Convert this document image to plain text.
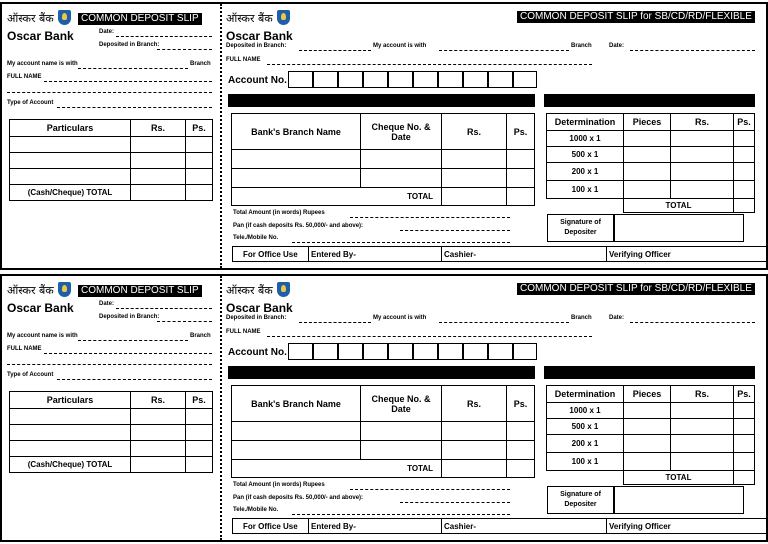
ऑस्कर बैंक
Oscar Bank
COMMON DEPOSIT SLIP
Date:
Deposited in Branch:
My account name is with	Branch
FULL NAME
Type of Account
Particulars	Rs.	Ps.

(Cash/Cheque) TOTAL		
ऑस्कर बैंक
Oscar Bank
COMMON DEPOSIT SLIP for SB/CD/RD/FLEXIBLE
Deposited in Branch:	My account is with	Branch	Date:
FULL NAME
Account No.
Bank's Branch Name	Cheque No. & Date	Rs.	Ps.

TOTAL			
Determination	Pieces	Rs.	Ps.
1000 x 1			
500 x 1			
200 x 1			
100 x 1			
	TOTAL		
Total Amount (in words) Rupees
Pan (if cash deposits Rs. 50,000/- and above):
Tele./Mobile No.
Signature of Depositer
For Office Use Entered By-	Cashier-	Verifying Officer
ऑस्कर बैंक
Oscar Bank
COMMON DEPOSIT SLIP
Date:
Deposited in Branch:
My account name is with	Branch
FULL NAME
Type of Account
Particulars	Rs.	Ps.

(Cash/Cheque) TOTAL		
ऑस्कर बैंक
Oscar Bank
COMMON DEPOSIT SLIP for SB/CD/RD/FLEXIBLE
Deposited in Branch:	My account is with	Branch	Date:
FULL NAME
Account No.
Bank's Branch Name	Cheque No. & Date	Rs.	Ps.

TOTAL			
Determination	Pieces	Rs.	Ps.
1000 x 1			
500 x 1			
200 x 1			
100 x 1			
	TOTAL		
Total Amount (in words) Rupees
Pan (if cash deposits Rs. 50,000/- and above):
Tele./Mobile No.
Signature of Depositer
For Office Use Entered By-	Cashier-	Verifying Officer
